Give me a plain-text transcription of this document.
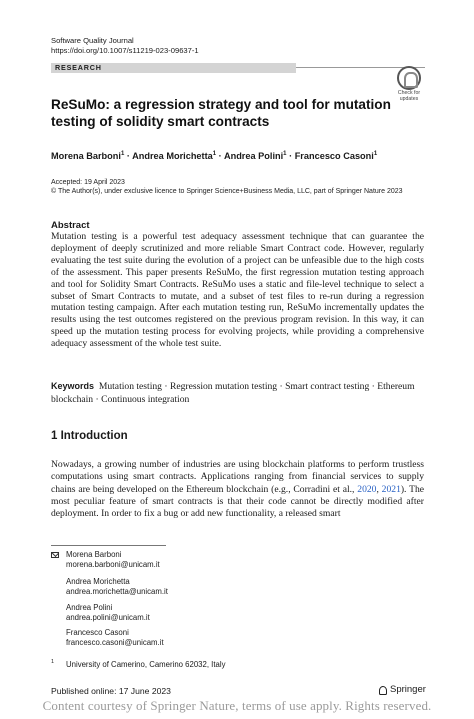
Software Quality Journal
https://doi.org/10.1007/s11219-023-09637-1
RESEARCH
Check for updates
ReSuMo: a regression strategy and tool for mutation testing of solidity smart contracts
Morena Barboni$^1$ · Andrea Morichetta$^1$ · Andrea Polini$^1$ · Francesco Casoni$^1$
Accepted: 19 April 2023
© The Author(s), under exclusive licence to Springer Science+Business Media, LLC, part of Springer Nature 2023
Abstract
Mutation testing is a powerful test adequacy assessment technique that can guarantee the deployment of deeply scrutinized and more reliable Smart Contract code. However, regularly evaluating the test suite during the evolution of a project can be unfeasible due to the high costs of the assessment. This paper presents ReSuMo, the first regression mutation testing approach and tool for Solidity Smart Contracts. ReSuMo uses a static and file-level technique to select a subset of Smart Contracts to mutate, and a subset of test files to re-run during a regression mutation testing campaign. After each mutation testing run, ReSuMo incrementally updates the results using the test outcomes registered on the previous program revision. In this way, it can speed up the mutation testing process for evolving projects, while providing a comprehensive adequacy assessment of the whole test suite.
Keywords Mutation testing · Regression mutation testing · Smart contract testing · Ethereum blockchain · Continuous integration
1 Introduction
Nowadays, a growing number of industries are using blockchain platforms to perform trustless computations using smart contracts. Applications ranging from financial services to supply chains are being developed on the Ethereum blockchain (e.g., Corradini et al., 2020, 2021). The most peculiar feature of smart contracts is that their code cannot be directly modified after deployment. In order to fix a bug or add new functionality, a released smart
Morena Barboni
morena.barboni@unicam.it
Andrea Morichetta
andrea.morichetta@unicam.it
Andrea Polini
andrea.polini@unicam.it
Francesco Casoni
francesco.casoni@unicam.it
1 University of Camerino, Camerino 62032, Italy
Published online: 17 June 2023	Springer
Content courtesy of Springer Nature, terms of use apply. Rights reserved.
